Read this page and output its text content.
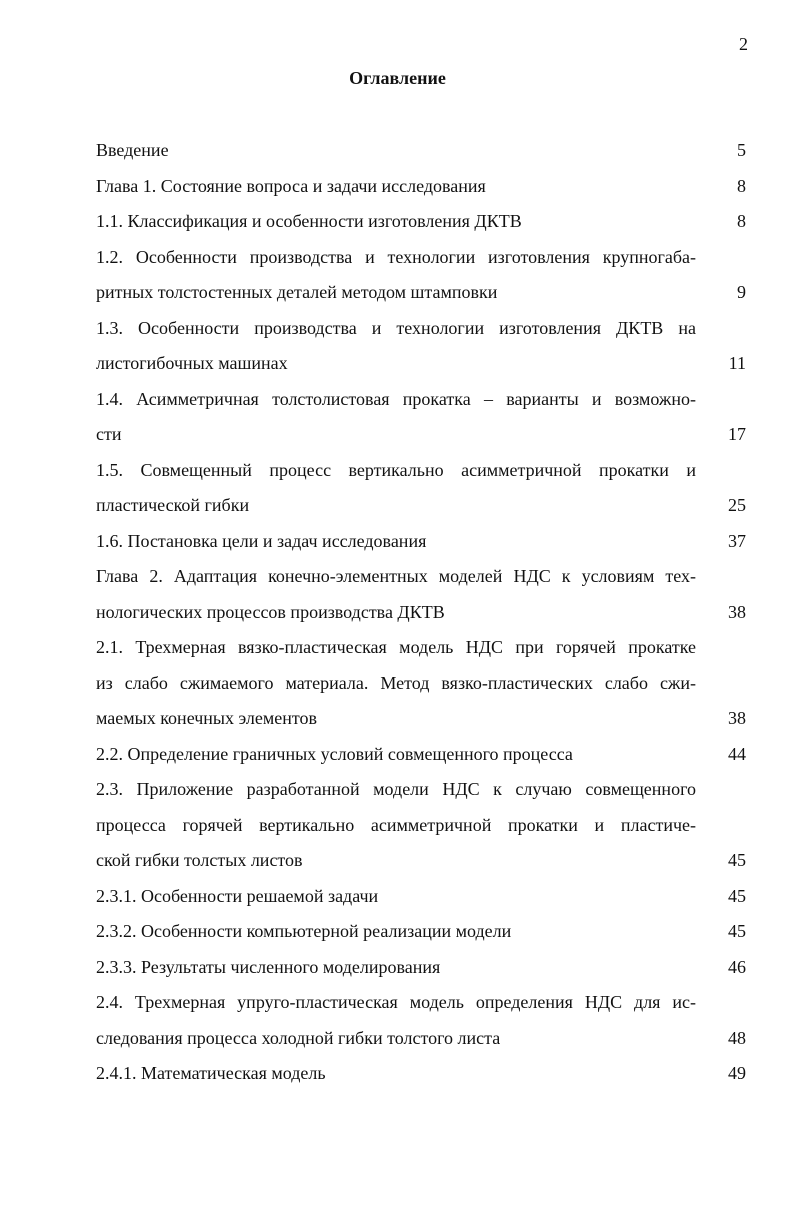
2
Оглавление
Введение	5
Глава 1. Состояние вопроса и задачи исследования	8
1.1. Классификация и особенности изготовления ДКТВ	8
1.2. Особенности производства и технологии изготовления крупногаба-
ритных толстостенных деталей методом штамповки	9
1.3. Особенности производства и технологии изготовления ДКТВ на
листогибочных машинах	11
1.4. Асимметричная толстолистовая прокатка – варианты и возможно-
сти	17
1.5. Совмещенный процесс вертикально асимметричной прокатки и
пластической гибки	25
1.6. Постановка цели и задач исследования	37
Глава 2. Адаптация конечно-элементных моделей НДС к условиям тех-
нологических процессов производства ДКТВ	38
2.1. Трехмерная вязко-пластическая модель НДС при горячей прокатке
из слабо сжимаемого материала. Метод вязко-пластических слабо сжи-
маемых конечных элементов	38
2.2. Определение граничных условий совмещенного процесса	44
2.3. Приложение разработанной модели НДС к случаю совмещенного
процесса горячей вертикально асимметричной прокатки и пластиче-
ской гибки толстых листов	45
2.3.1. Особенности решаемой задачи	45
2.3.2. Особенности компьютерной реализации модели	45
2.3.3. Результаты численного моделирования	46
2.4. Трехмерная упруго-пластическая модель определения НДС для ис-
следования процесса холодной гибки толстого листа	48
2.4.1. Математическая модель	49
